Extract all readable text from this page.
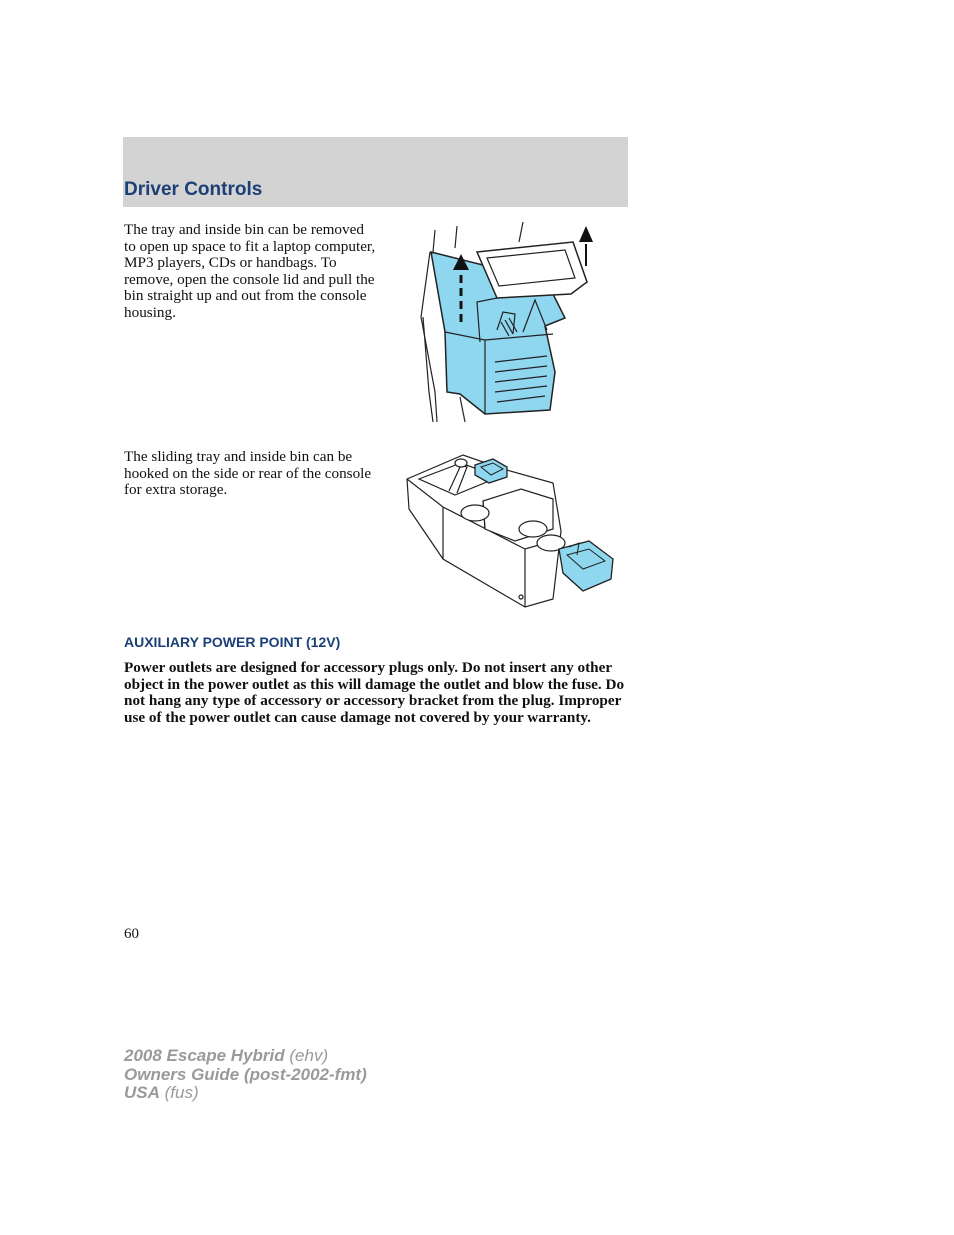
Driver Controls

The tray and inside bin can be removed to open up space to fit a laptop computer, MP3 players, CDs or handbags. To remove, open the console lid and pull the bin straight up and out from the console housing.

The sliding tray and inside bin can be hooked on the side or rear of the console for extra storage.

AUXILIARY POWER POINT (12V)

Power outlets are designed for accessory plugs only. Do not insert any other object in the power outlet as this will damage the outlet and blow the fuse. Do not hang any type of accessory or accessory bracket from the plug. Improper use of the power outlet can cause damage not covered by your warranty.

60
2008 Escape Hybrid (ehv)
Owners Guide (post-2002-fmt)
USA (fus)
